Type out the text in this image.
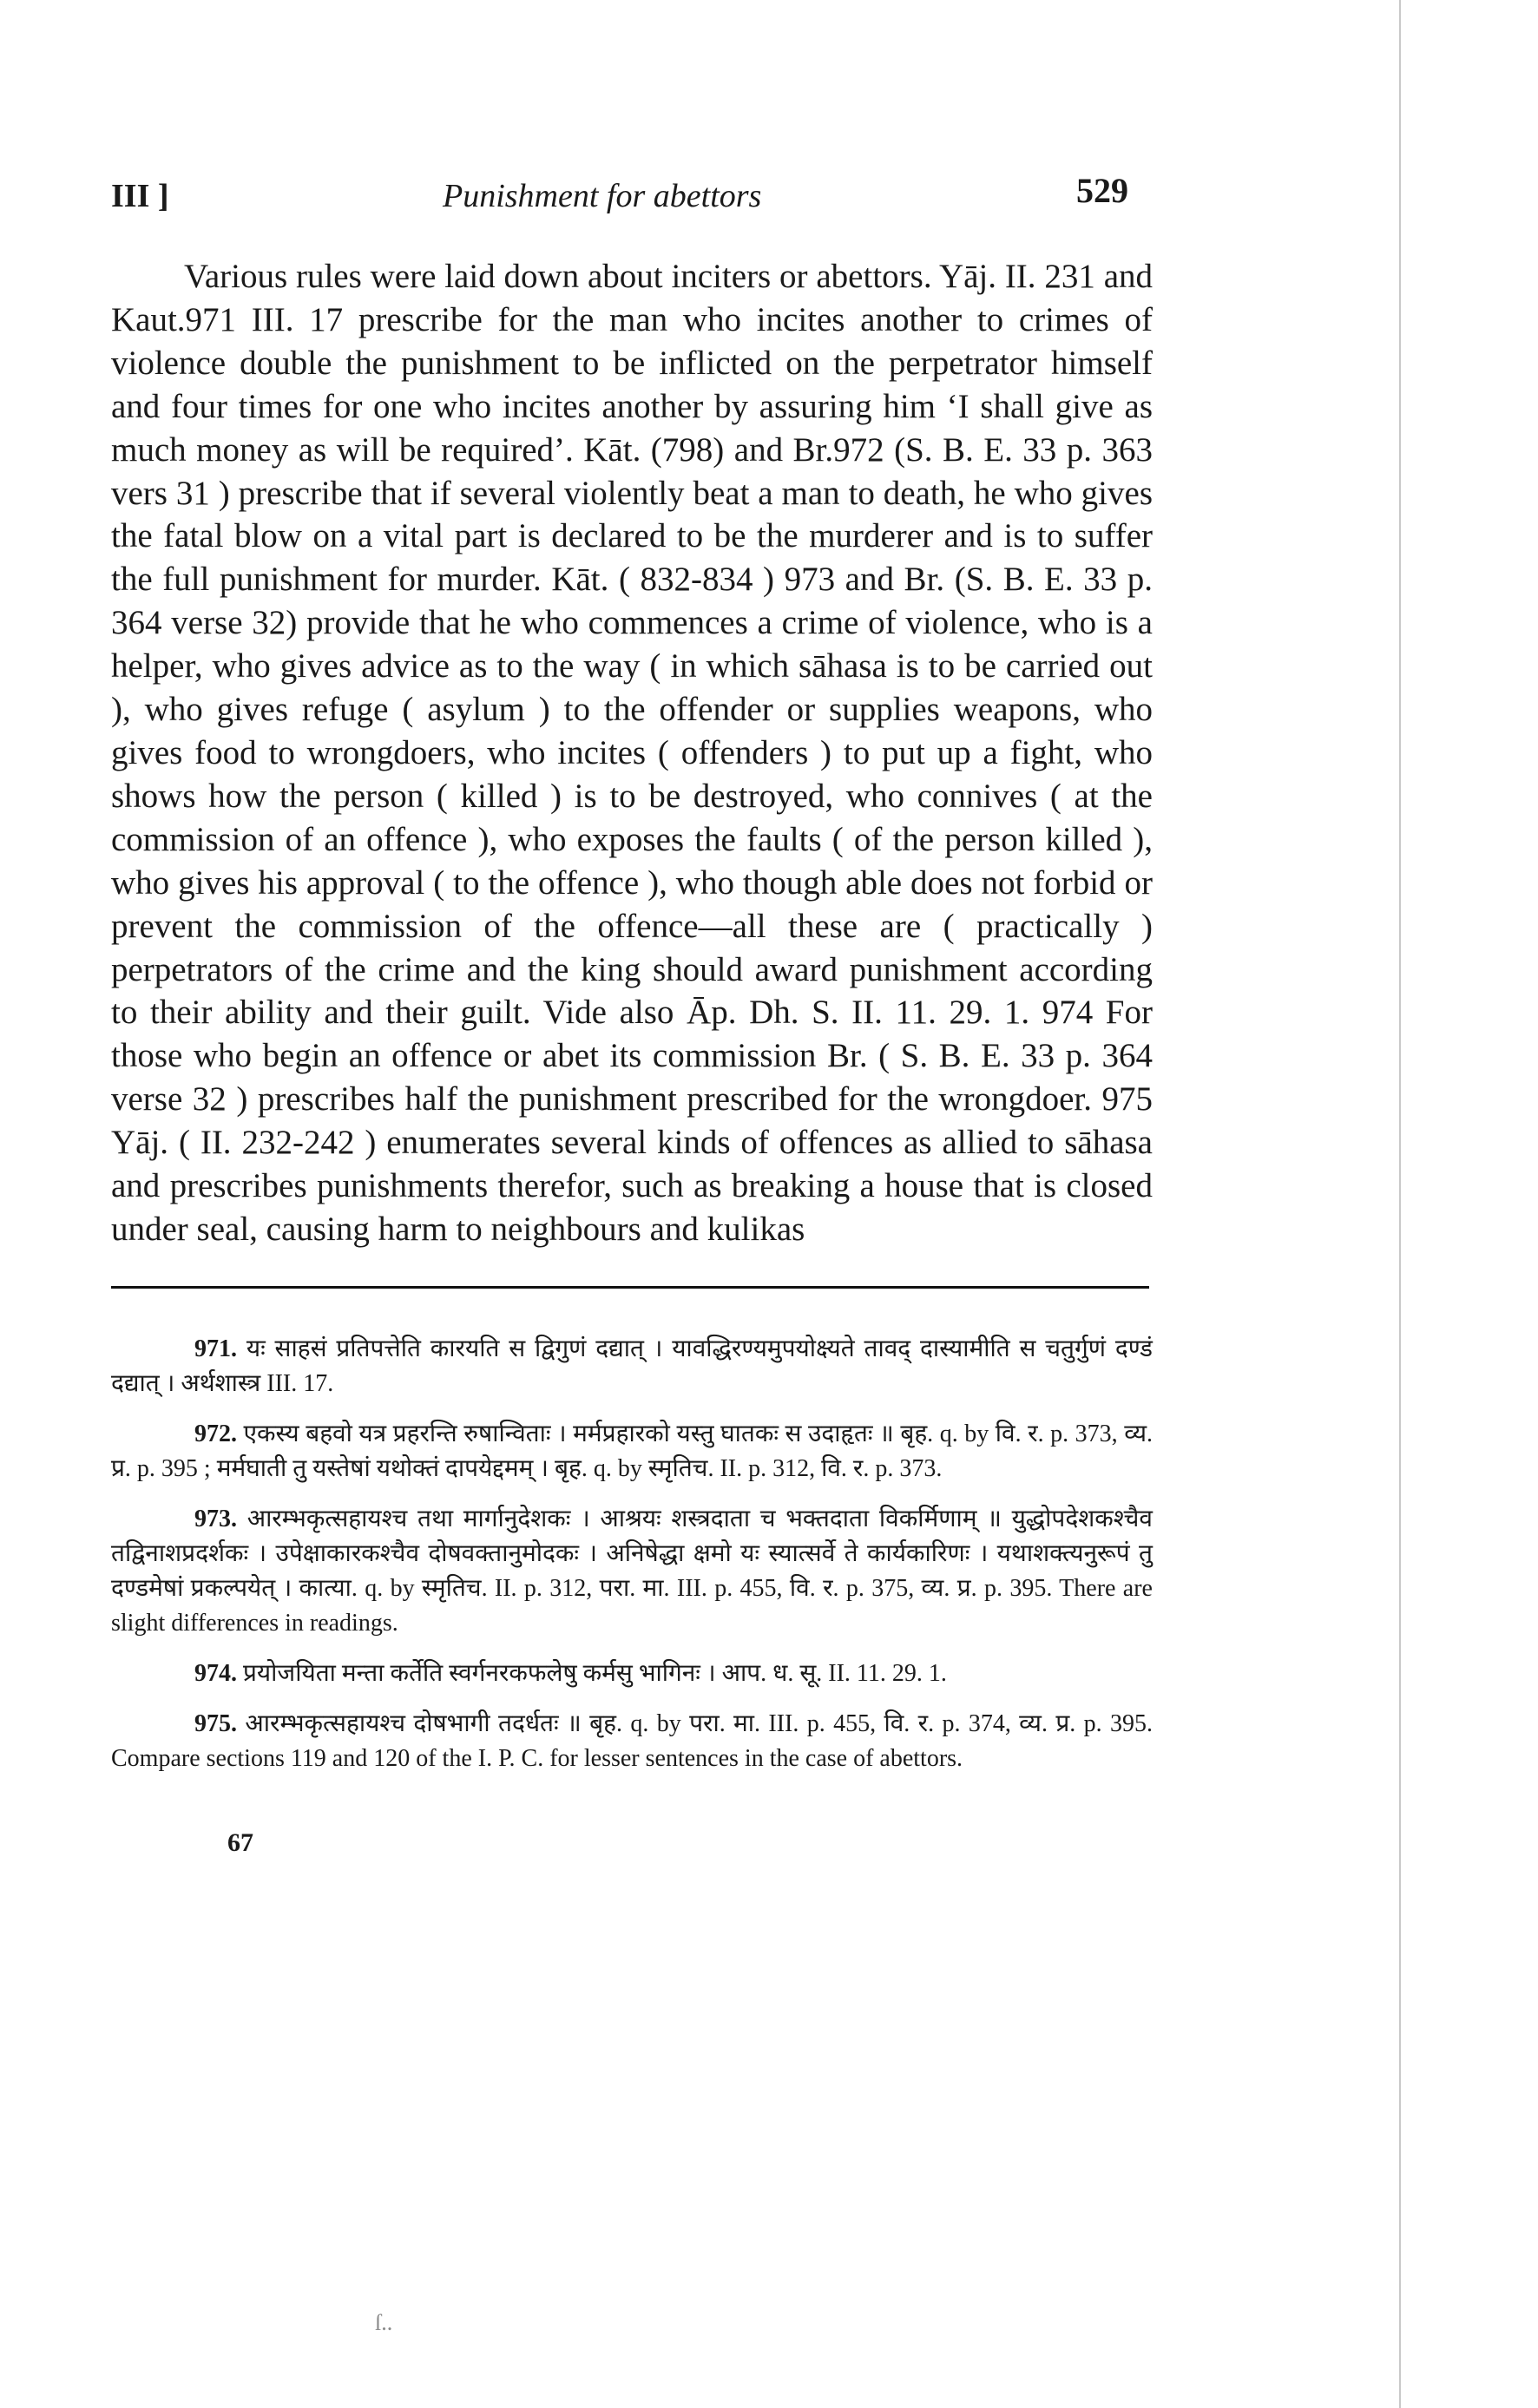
III ]	Punishment for abettors	529
Various rules were laid down about inciters or abettors. Yāj. II. 231 and Kaut.971 III. 17 prescribe for the man who incites another to crimes of violence double the punishment to be inflicted on the perpetrator himself and four times for one who incites another by assuring him ‘I shall give as much money as will be required’. Kāt. (798) and Br.972 (S. B. E. 33 p. 363 vers 31 ) prescribe that if several violently beat a man to death, he who gives the fatal blow on a vital part is declared to be the murderer and is to suffer the full punishment for murder. Kāt. ( 832-834 ) 973 and Br. (S. B. E. 33 p. 364 verse 32) provide that he who commences a crime of violence, who is a helper, who gives advice as to the way ( in which sāhasa is to be carried out ), who gives refuge ( asylum ) to the offender or supplies weapons, who gives food to wrongdoers, who incites ( offenders ) to put up a fight, who shows how the person ( killed ) is to be destroyed, who connives ( at the commission of an offence ), who exposes the faults ( of the person killed ), who gives his approval ( to the offence ), who though able does not forbid or prevent the commission of the offence—all these are ( practically ) perpetrators of the crime and the king should award punishment according to their ability and their guilt. Vide also Āp. Dh. S. II. 11. 29. 1. 974 For those who begin an offence or abet its commission Br. ( S. B. E. 33 p. 364 verse 32 ) prescribes half the punishment prescribed for the wrongdoer. 975 Yāj. ( II. 232-242 ) enumerates several kinds of offences as allied to sāhasa and prescribes punishments therefor, such as breaking a house that is closed under seal, causing harm to neighbours and kulikas
971. यः साहसं प्रतिपत्तेति कारयति स द्विगुणं दद्यात् । यावद्धिरण्यमुपयोक्ष्यते तावद् दास्यामीति स चतुर्गुणं दण्डं दद्यात् । अर्थशास्त्र III. 17.
972. एकस्य बहवो यत्र प्रहरन्ति रुषान्विताः । मर्मप्रहारको यस्तु घातकः स उदाहृतः ॥ बृह. q. by वि. र. p. 373, व्य. प्र. p. 395 ; मर्मघाती तु यस्तेषां यथोक्तं दापयेद्दमम् । बृह. q. by स्मृतिच. II. p. 312, वि. र. p. 373.
973. आरम्भकृत्सहायश्च तथा मार्गानुदेशकः । आश्रयः शस्त्रदाता च भक्तदाता विकर्मिणाम् ॥ युद्धोपदेशकश्चैव तद्विनाशप्रदर्शकः । उपेक्षाकारकश्चैव दोषवक्तानुमोदकः । अनिषेद्धा क्षमो यः स्यात्सर्वे ते कार्यकारिणः । यथाशक्त्यनुरूपं तु दण्डमेषां प्रकल्पयेत् । कात्या. q. by स्मृतिच. II. p. 312, परा. मा. III. p. 455, वि. र. p. 375, व्य. प्र. p. 395. There are slight differences in readings.
974. प्रयोजयिता मन्ता कर्तेति स्वर्गनरकफलेषु कर्मसु भागिनः । आप. ध. सू. II. 11. 29. 1.
975. आरम्भकृत्सहायश्च दोषभागी तदर्धतः ॥ बृह. q. by परा. मा. III. p. 455, वि. र. p. 374, व्य. प्र. p. 395. Compare sections 119 and 120 of the I. P. C. for lesser sentences in the case of abettors.
67
ſ..
